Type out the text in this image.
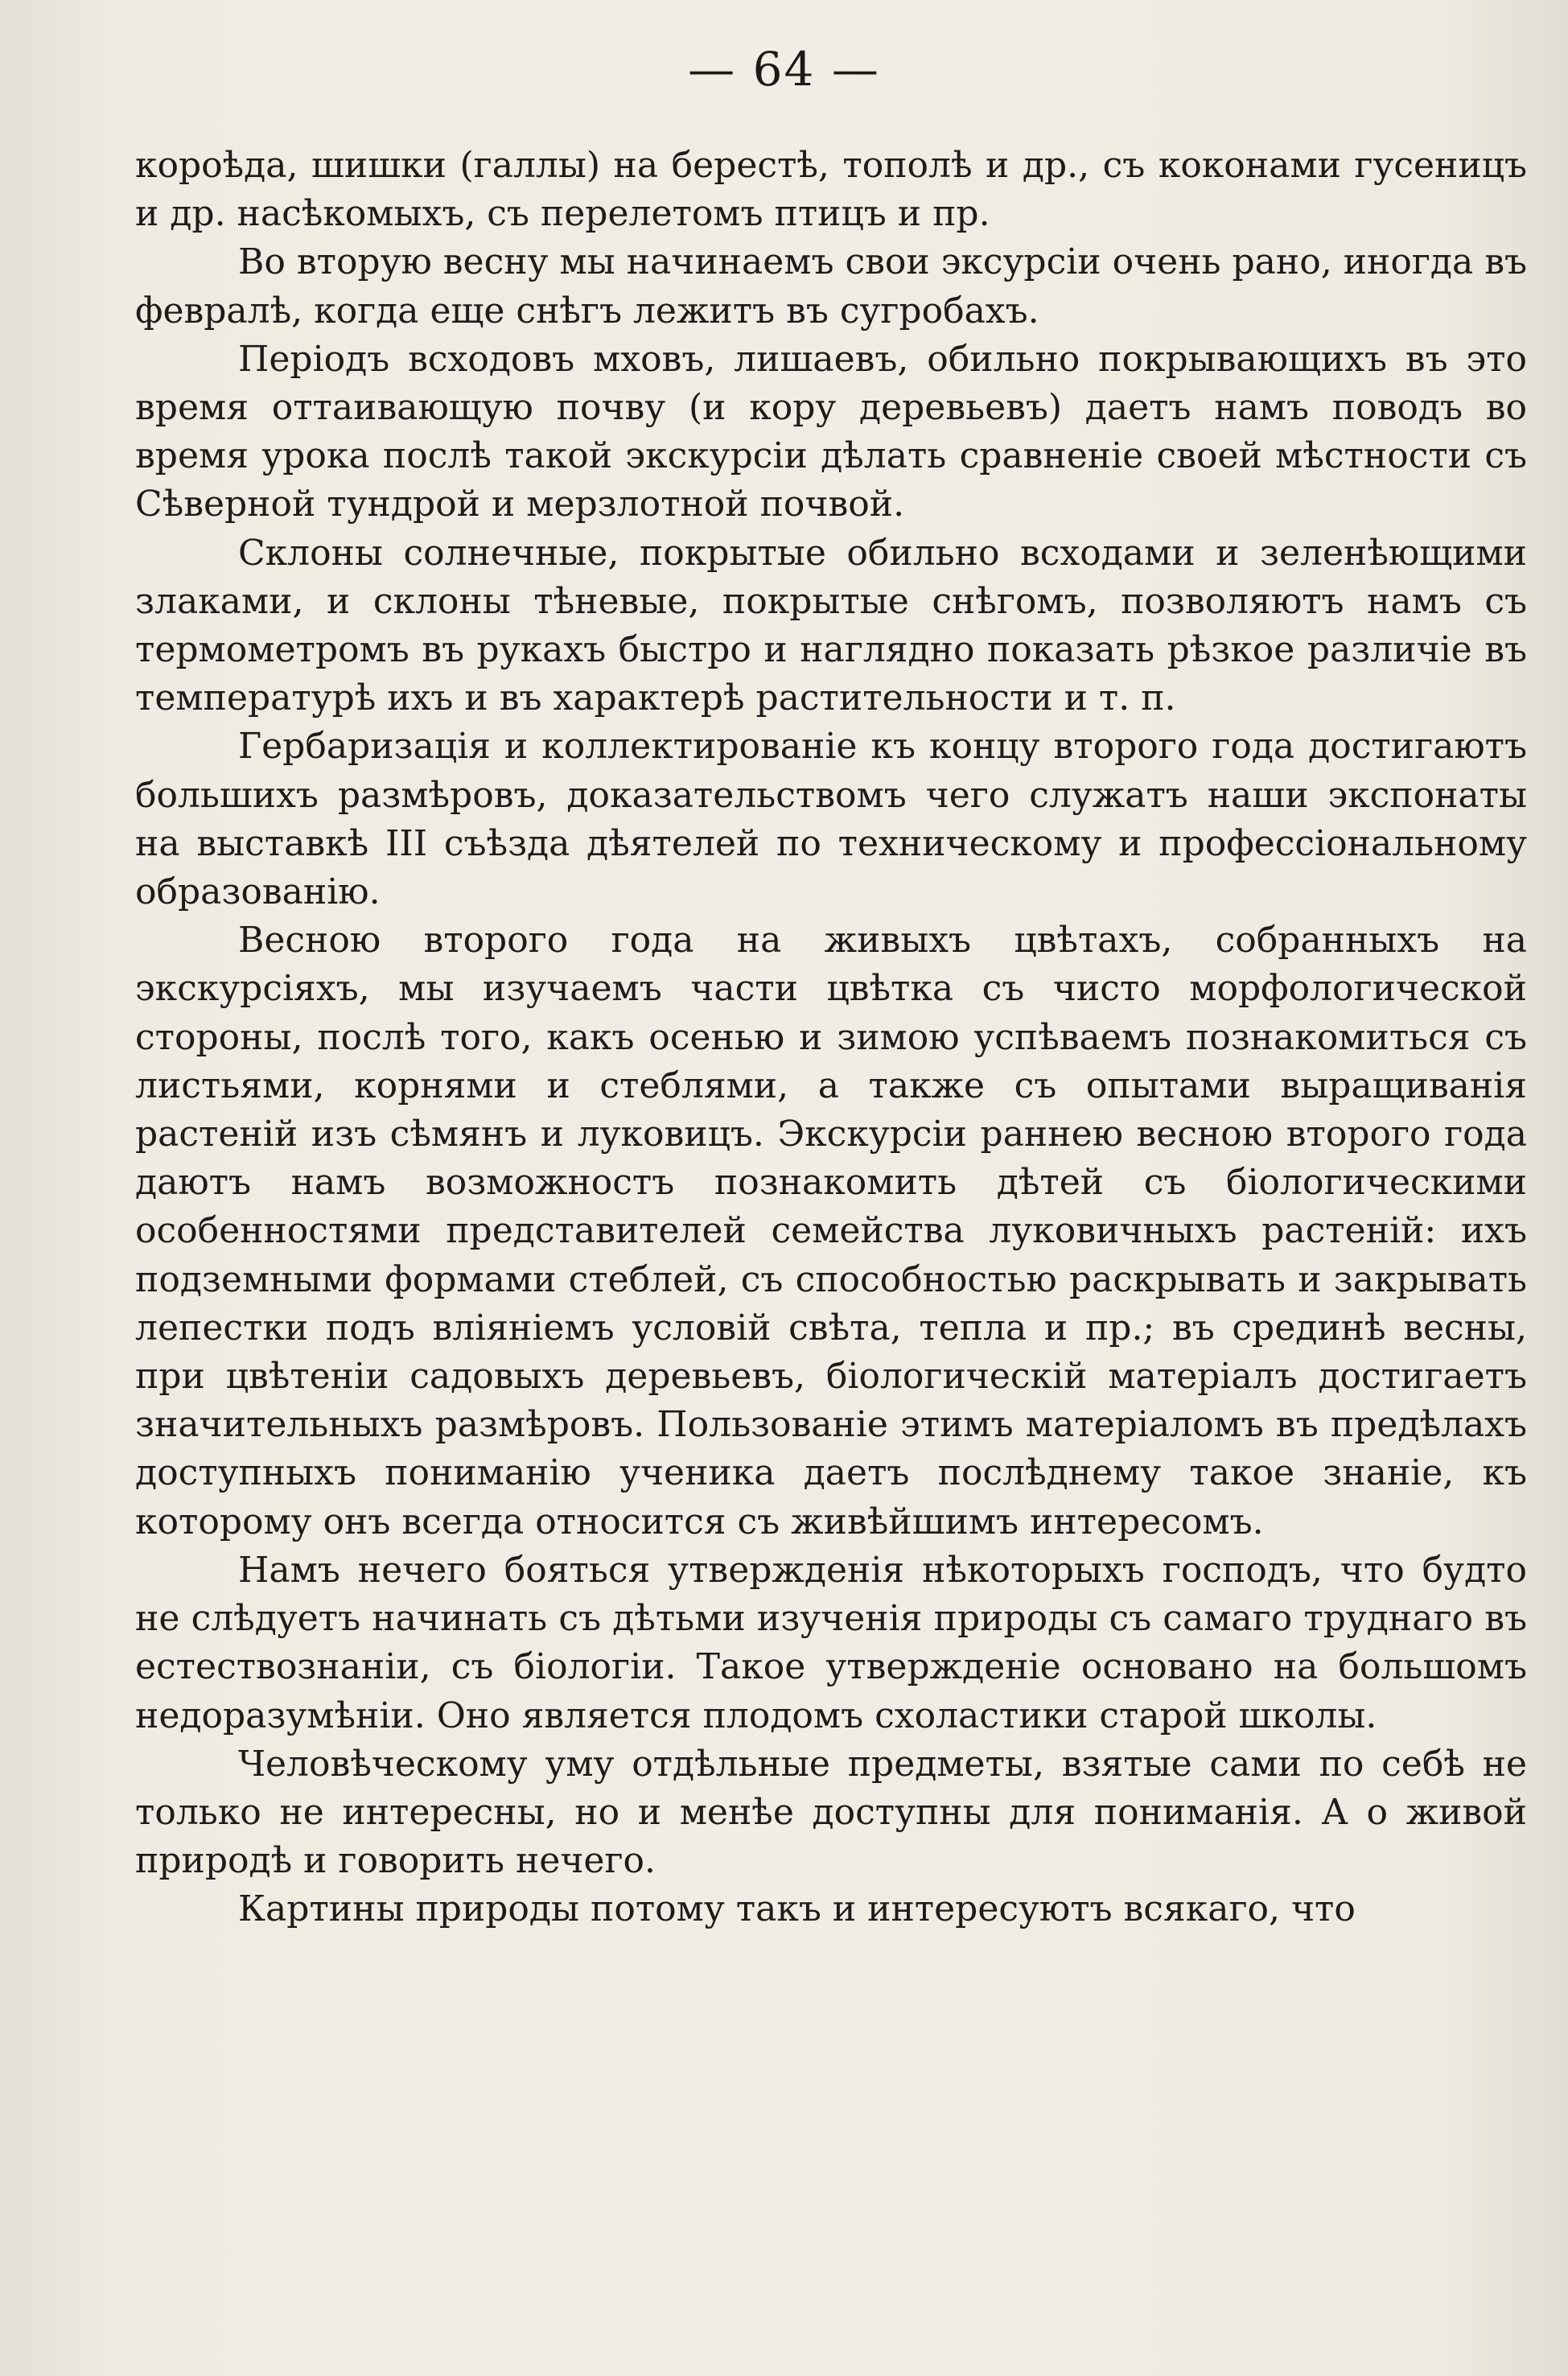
— 64 —

короѣда, шишки (галлы) на берестѣ, тополѣ и др., съ коконами гусеницъ и др. насѣкомыхъ, съ перелетомъ птицъ и пр.

Во вторую весну мы начинаемъ свои эксурсіи очень рано, иногда въ февралѣ, когда еще снѣгъ лежитъ въ сугробахъ.

Періодъ всходовъ мховъ, лишаевъ, обильно покрывающихъ въ это время оттаивающую почву (и кору деревьевъ) даетъ намъ поводъ во время урока послѣ такой экскурсіи дѣлать сравненіе своей мѣстности съ Сѣверной тундрой и мерзлотной почвой.

Склоны солнечные, покрытые обильно всходами и зеленѣющими злаками, и склоны тѣневые, покрытые снѣгомъ, позволяютъ намъ съ термометромъ въ рукахъ быстро и наглядно показать рѣзкое различіе въ температурѣ ихъ и въ характерѣ растительности и т. п.

Гербаризація и коллектированіе къ концу второго года достигаютъ большихъ размѣровъ, доказательствомъ чего служатъ наши экспонаты на выставкѣ III съѣзда дѣятелей по техническому и профессіональному образованію.

Весною второго года на живыхъ цвѣтахъ, собранныхъ на экскурсіяхъ, мы изучаемъ части цвѣтка съ чисто морфологической стороны, послѣ того, какъ осенью и зимою успѣваемъ познакомиться съ листьями, корнями и стеблями, а также съ опытами выращиванія растеній изъ сѣмянъ и луковицъ. Экскурсіи раннею весною второго года даютъ намъ возможностъ познакомить дѣтей съ біологическими особенностями представителей семейства луковичныхъ растеній: ихъ подземными формами стеблей, съ способностью раскрывать и закрывать лепестки подъ вліяніемъ условій свѣта, тепла и пр.; въ срединѣ весны, при цвѣтеніи садовыхъ деревьевъ, біологическій матеріалъ достигаетъ значительныхъ размѣровъ. Пользованіе этимъ матеріаломъ въ предѣлахъ доступныхъ пониманію ученика даетъ послѣднему такое знаніе, къ которому онъ всегда относится съ живѣйшимъ интересомъ.

Намъ нечего бояться утвержденія нѣкоторыхъ господъ, что будто не слѣдуетъ начинать съ дѣтьми изученія природы съ самаго труднаго въ естествознаніи, съ біологіи. Такое утвержденіе основано на большомъ недоразумѣніи. Оно является плодомъ схоластики старой школы.

Человѣческому уму отдѣльные предметы, взятые сами по себѣ не только не интересны, но и менѣе доступны для пониманія. А о живой природѣ и говорить нечего.

Картины природы потому такъ и интересуютъ всякаго, что
